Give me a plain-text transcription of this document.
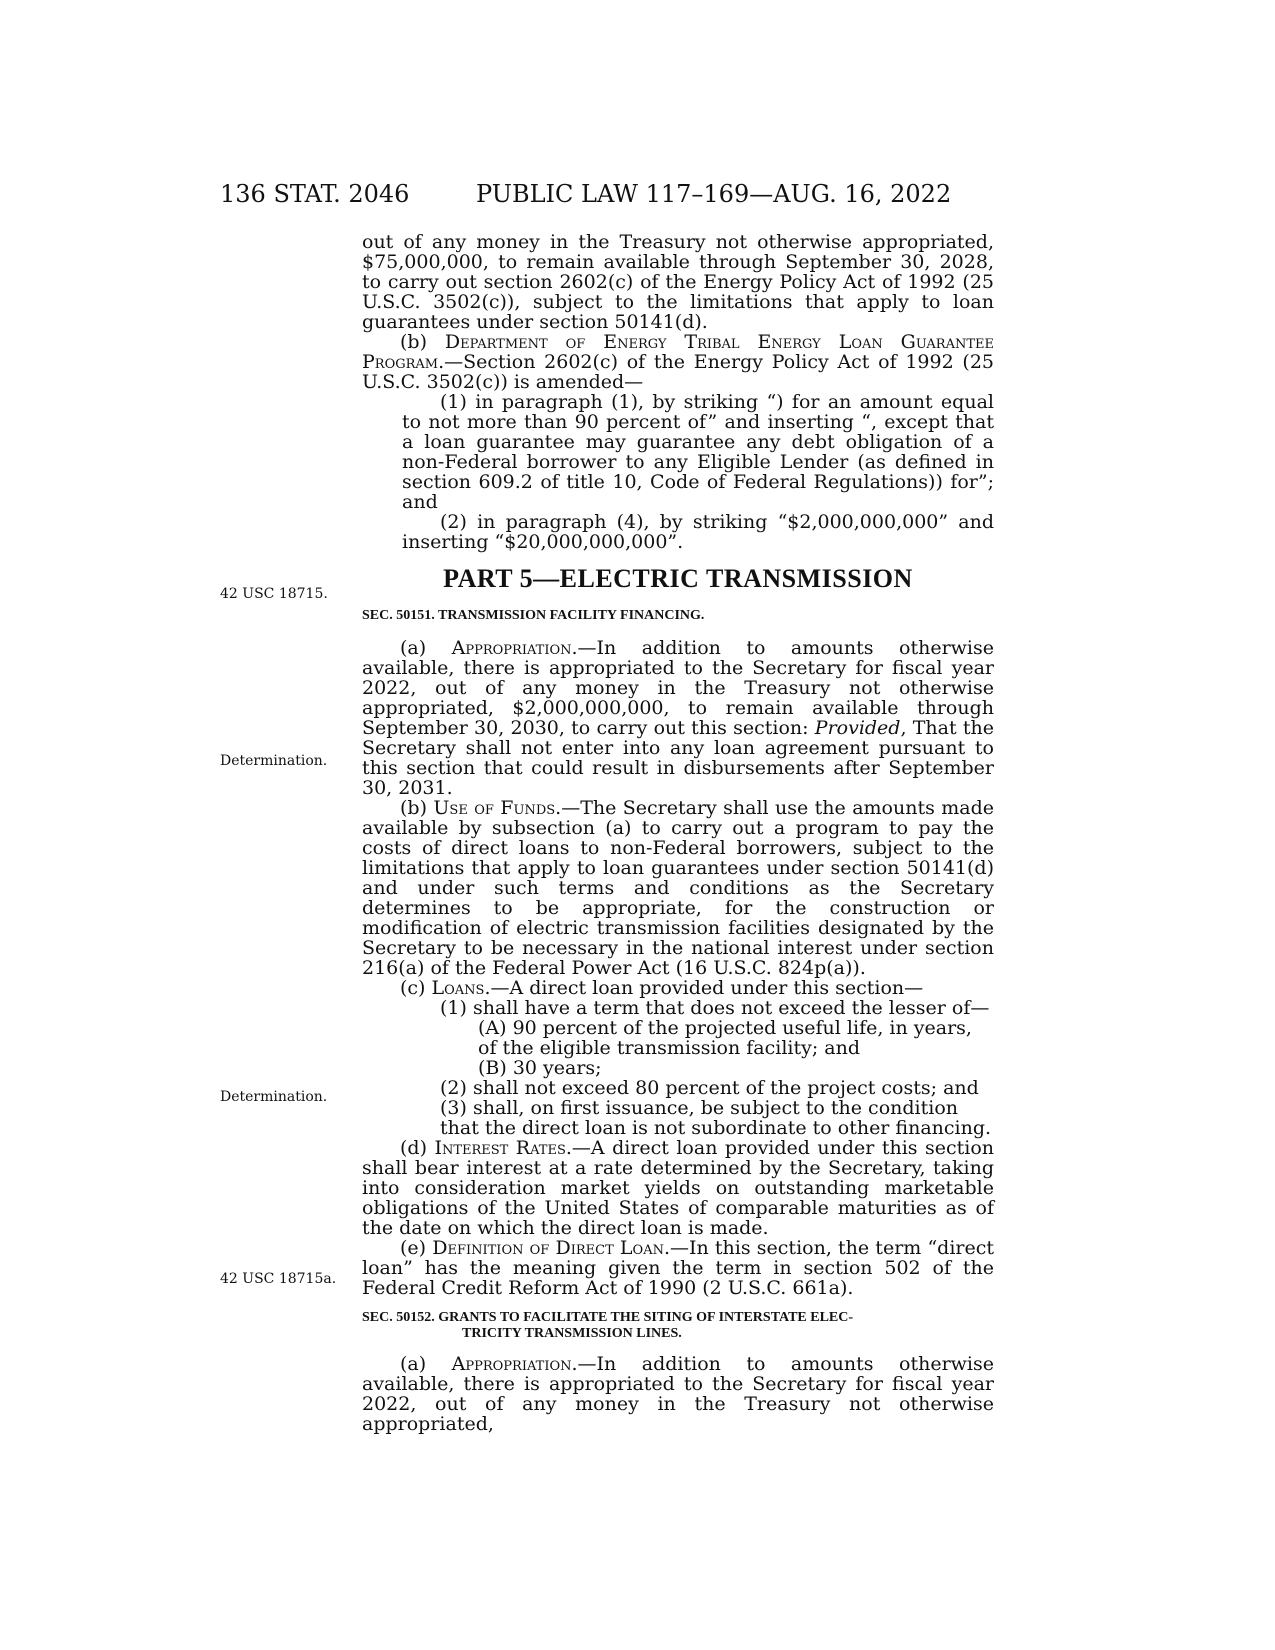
136 STAT. 2046	PUBLIC LAW 117–169—AUG. 16, 2022
42 USC 18715.
Determination.
Determination.
42 USC 18715a.

out of any money in the Treasury not otherwise appropriated, $75,000,000, to remain available through September 30, 2028, to carry out section 2602(c) of the Energy Policy Act of 1992 (25 U.S.C. 3502(c)), subject to the limitations that apply to loan guarantees under section 50141(d).

(b) Department of Energy Tribal Energy Loan Guarantee Program.—Section 2602(c) of the Energy Policy Act of 1992 (25 U.S.C. 3502(c)) is amended—

(1) in paragraph (1), by striking “) for an amount equal to not more than 90 percent of” and inserting “, except that a loan guarantee may guarantee any debt obligation of a non-Federal borrower to any Eligible Lender (as defined in section 609.2 of title 10, Code of Federal Regulations)) for”; and

(2) in paragraph (4), by striking “$2,000,000,000” and inserting “$20,000,000,000”.

PART 5—ELECTRIC TRANSMISSION

SEC. 50151. TRANSMISSION FACILITY FINANCING.

(a) Appropriation.—In addition to amounts otherwise available, there is appropriated to the Secretary for fiscal year 2022, out of any money in the Treasury not otherwise appropriated, $2,000,000,000, to remain available through September 30, 2030, to carry out this section: Provided, That the Secretary shall not enter into any loan agreement pursuant to this section that could result in disbursements after September 30, 2031.

(b) Use of Funds.—The Secretary shall use the amounts made available by subsection (a) to carry out a program to pay the costs of direct loans to non-Federal borrowers, subject to the limitations that apply to loan guarantees under section 50141(d) and under such terms and conditions as the Secretary determines to be appropriate, for the construction or modification of electric transmission facilities designated by the Secretary to be necessary in the national interest under section 216(a) of the Federal Power Act (16 U.S.C. 824p(a)).

(c) Loans.—A direct loan provided under this section—

(1) shall have a term that does not exceed the lesser of—

(A) 90 percent of the projected useful life, in years, of the eligible transmission facility; and

(B) 30 years;

(2) shall not exceed 80 percent of the project costs; and

(3) shall, on first issuance, be subject to the condition that the direct loan is not subordinate to other financing.

(d) Interest Rates.—A direct loan provided under this section shall bear interest at a rate determined by the Secretary, taking into consideration market yields on outstanding marketable obligations of the United States of comparable maturities as of the date on which the direct loan is made.

(e) Definition of Direct Loan.—In this section, the term “direct loan” has the meaning given the term in section 502 of the Federal Credit Reform Act of 1990 (2 U.S.C. 661a).

SEC. 50152. GRANTS TO FACILITATE THE SITING OF INTERSTATE ELEC-
TRICITY TRANSMISSION LINES.

(a) Appropriation.—In addition to amounts otherwise available, there is appropriated to the Secretary for fiscal year 2022, out of any money in the Treasury not otherwise appropriated,
